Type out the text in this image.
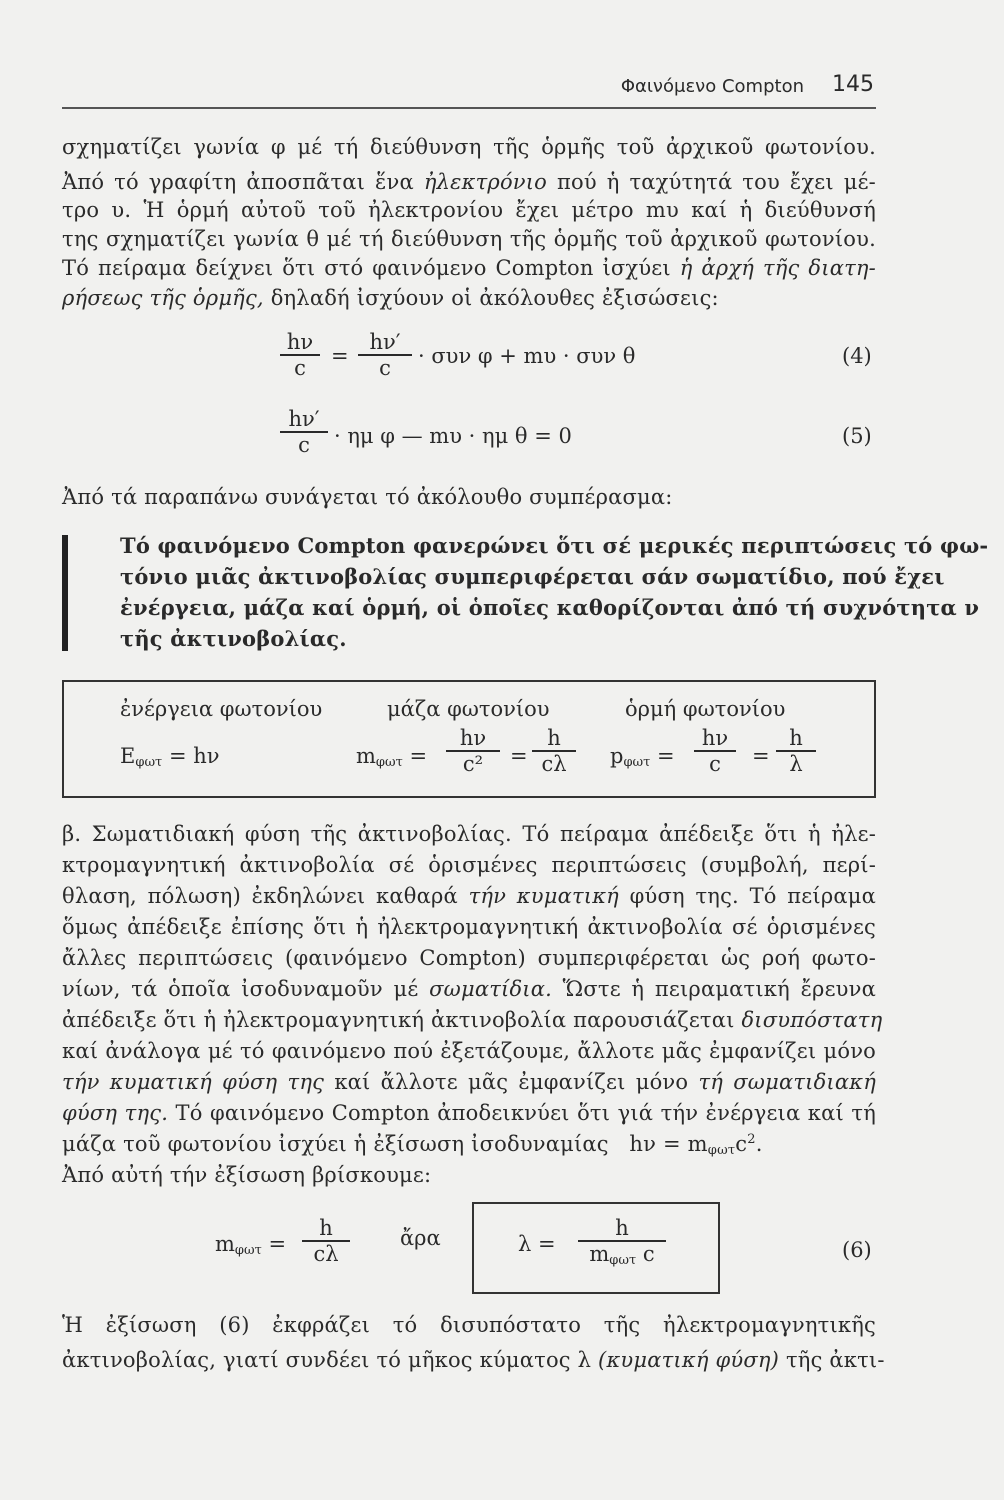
Φαινόμενο Compton 145
σχηματίζει γωνία φ μέ τή διεύθυνση τῆς ὁρμῆς τοῦ ἀρχικοῦ φωτονίου.
Ἀπό τό γραφίτη ἀποσπᾶται ἕνα ἠλεκτρόνιο πού ἡ ταχύτητά του ἔχει μέ-
τρο υ. Ἡ ὁρμή αὐτοῦ τοῦ ἠλεκτρονίου ἔχει μέτρο mυ καί ἡ διεύθυνσή
της σχηματίζει γωνία θ μέ τή διεύθυνση τῆς ὁρμῆς τοῦ ἀρχικοῦ φωτονίου.
Τό πείραμα δείχνει ὅτι στό φαινόμενο Compton ἰσχύει ἡ ἀρχή τῆς διατη-
ρήσεως τῆς ὁρμῆς, δηλαδή ἰσχύουν οἱ ἀκόλουθες ἐξισώσεις:
hν
c	=
hν′
c	· συν φ + mυ · συν θ	(4)
hν′
c	· ημ φ — mυ · ημ θ = 0	(5)
Ἀπό τά παραπάνω συνάγεται τό ἀκόλουθο συμπέρασμα:
Τό φαινόμενο Compton φανερώνει ὅτι σέ μερικές περιπτώσεις τό φω-
τόνιο μιᾶς ἀκτινοβολίας συμπεριφέρεται σάν σωματίδιο, πού ἔχει
ἐνέργεια, μάζα καί ὁρμή, οἱ ὁποῖες καθορίζονται ἀπό τή συχνότητα ν
τῆς ἀκτινοβολίας.
ἐνέργεια φωτονίου	μάζα φωτονίου	ὁρμή φωτονίου
$E_{\varphi\omega\tau} = h\nu$	$m_{\varphi\omega\tau}$ =
hν
c²	=
h
cλ	$p_{\varphi\omega\tau}$ =
hν
c	=
h
λ
β. Σωματιδιακή φύση τῆς ἀκτινοβολίας. Τό πείραμα ἀπέδειξε ὅτι ἡ ἠλε-
κτρομαγνητική ἀκτινοβολία σέ ὁρισμένες περιπτώσεις (συμβολή, περί-
θλαση, πόλωση) ἐκδηλώνει καθαρά τήν κυματική φύση της. Τό πείραμα
ὅμως ἀπέδειξε ἐπίσης ὅτι ἡ ἠλεκτρομαγνητική ἀκτινοβολία σέ ὁρισμένες
ἄλλες περιπτώσεις (φαινόμενο Compton) συμπεριφέρεται ὡς ροή φωτο-
νίων, τά ὁποῖα ἰσοδυναμοῦν μέ σωματίδια. Ὥστε ἡ πειραματική ἔρευνα
ἀπέδειξε ὅτι ἡ ἠλεκτρομαγνητική ἀκτινοβολία παρουσιάζεται δισυπόστατη
καί ἀνάλογα μέ τό φαινόμενο πού ἐξετάζουμε, ἄλλοτε μᾶς ἐμφανίζει μόνο
τήν κυματική φύση της καί ἄλλοτε μᾶς ἐμφανίζει μόνο τή σωματιδιακή
φύση της. Τό φαινόμενο Compton ἀποδεικνύει ὅτι γιά τήν ἐνέργεια καί τή
μάζα τοῦ φωτονίου ἰσχύει ἡ ἐξίσωση ἰσοδυναμίας $h\nu = m_{\varphi\omega\tau}c^2$.
Ἀπό αὐτή τήν ἐξίσωση βρίσκουμε:
$m_{\varphi\omega\tau}$ =
h
cλ
ἄρα	λ =
h
$m_{\varphi\omega\tau}$ c	(6)
Ἡ ἐξίσωση (6) ἐκφράζει τό δισυπόστατο τῆς ἠλεκτρομαγνητικῆς
ἀκτινοβολίας, γιατί συνδέει τό μῆκος κύματος λ (κυματική φύση) τῆς ἀκτι-
